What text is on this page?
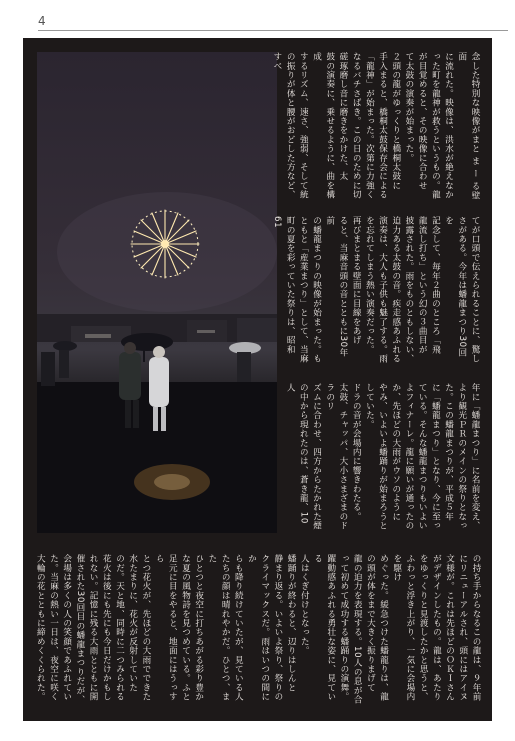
4
念した特別な映像がまと ま ー る壁面
に流れた。映像は、洪水が絶えなか
った町を龍神が救うというもの。龍
が目覚めると、その映像に合わせ
て太鼓の演奏が始まった。
２頭の龍がゆっくりと橋桐太鼓に
手入まると、橋桐太鼓保存会による
「龍神」が始まった。次第に力強く
なるバチさばき。この日のために切
磋琢磨し音に磨きをかけた、太
鼓の演奏に、乗せるように、曲を構成
するリズム、速さ、強弱、そして統
の振りが体と腰がおどした方など、すべ
てが口頭で伝えられることに、驚し
さがある。今年は蟠龍まつり30回を
記念して、毎年２曲のところ「飛
龍流し打ち」という幻の３曲目が
披露された。雨をものともしない、
迫力ある太鼓の音。疾走感あふれる
演奏は、大人も子供も魅了する。雨
を忘れてしまう熱い演奏だった。
再びまとまる壁面に目線をあげ
ると、当麻音頭の音とともに30年前
の蟠龍まつりの映像が始まった。も
ともと「産業まつり」として、当麻
町の夏を彩っていた祭りは、昭和61
年に「蟠龍まつり」に名前を変え、
より観光ＰＲのメインの祭りとなっ
た。この蟠龍まつりが、平成５年
に「蟠龍まつり」となり、今に至っ
ている。そんな蟠龍まつりもいよい
よフィナーレ。龍に願いが通ったの
か、先ほどの大雨がウソのように
やみ、いよいよ蟠踊りが始まろうと
していた。
ドラの音が会場内に響きわたる。
太鼓、チャッパ、大小さまざまのドラのリ
ズムに合わせ、四方からたかれた煙
の中から現れたのは、蒼き龍、10人
の持ち手からなるこの龍は、９年前
にリニューアルされ、頭にはアイヌ
文様が。これは先ほどのＯＫＩさん
がデザインしたもの。龍は、あたり
をゆっくりと見渡したかと思うと、
ふわっと浮き上がり、一気に会場内を駆け
めぐった。緩急つけた蟠龍りは、龍
の頭が体をまで大きく振りまげて
龍の迫力を表現する。10人の息が合
って初めて成功する蟠踊りの演舞。
躍動感あふれる勇壮な姿に、見ている
人はくぎ付けとなった。
蟠踊りが終わると、辺りはしんと
静まり返る。いよいよ祭り、祭りの
クライマックスだ。雨はいつの間にか
らも降り続けていたが、見ている人
たちの顔は晴れやかだ。ひとつ、また
ひとつと夜空に打ちあがる彩り豊か
な夏の風物詩を見つめている。ふと
足元に目をやると、地面にはうっすら
とつ花火が、先ほどの大雨でできた
水たまりに、花火が反射していた
のだ。天と地、同時に二つみられる
花火は後にも先にも今日だけかもし
れない。記憶に残る大雨とともに開
催された30回目の蟠龍まつりだが、
会場は多くの人の笑顔であふれてい
た。当麻の熱い一日は、夜空に咲く
大輪の花とともに締めくくられた。
